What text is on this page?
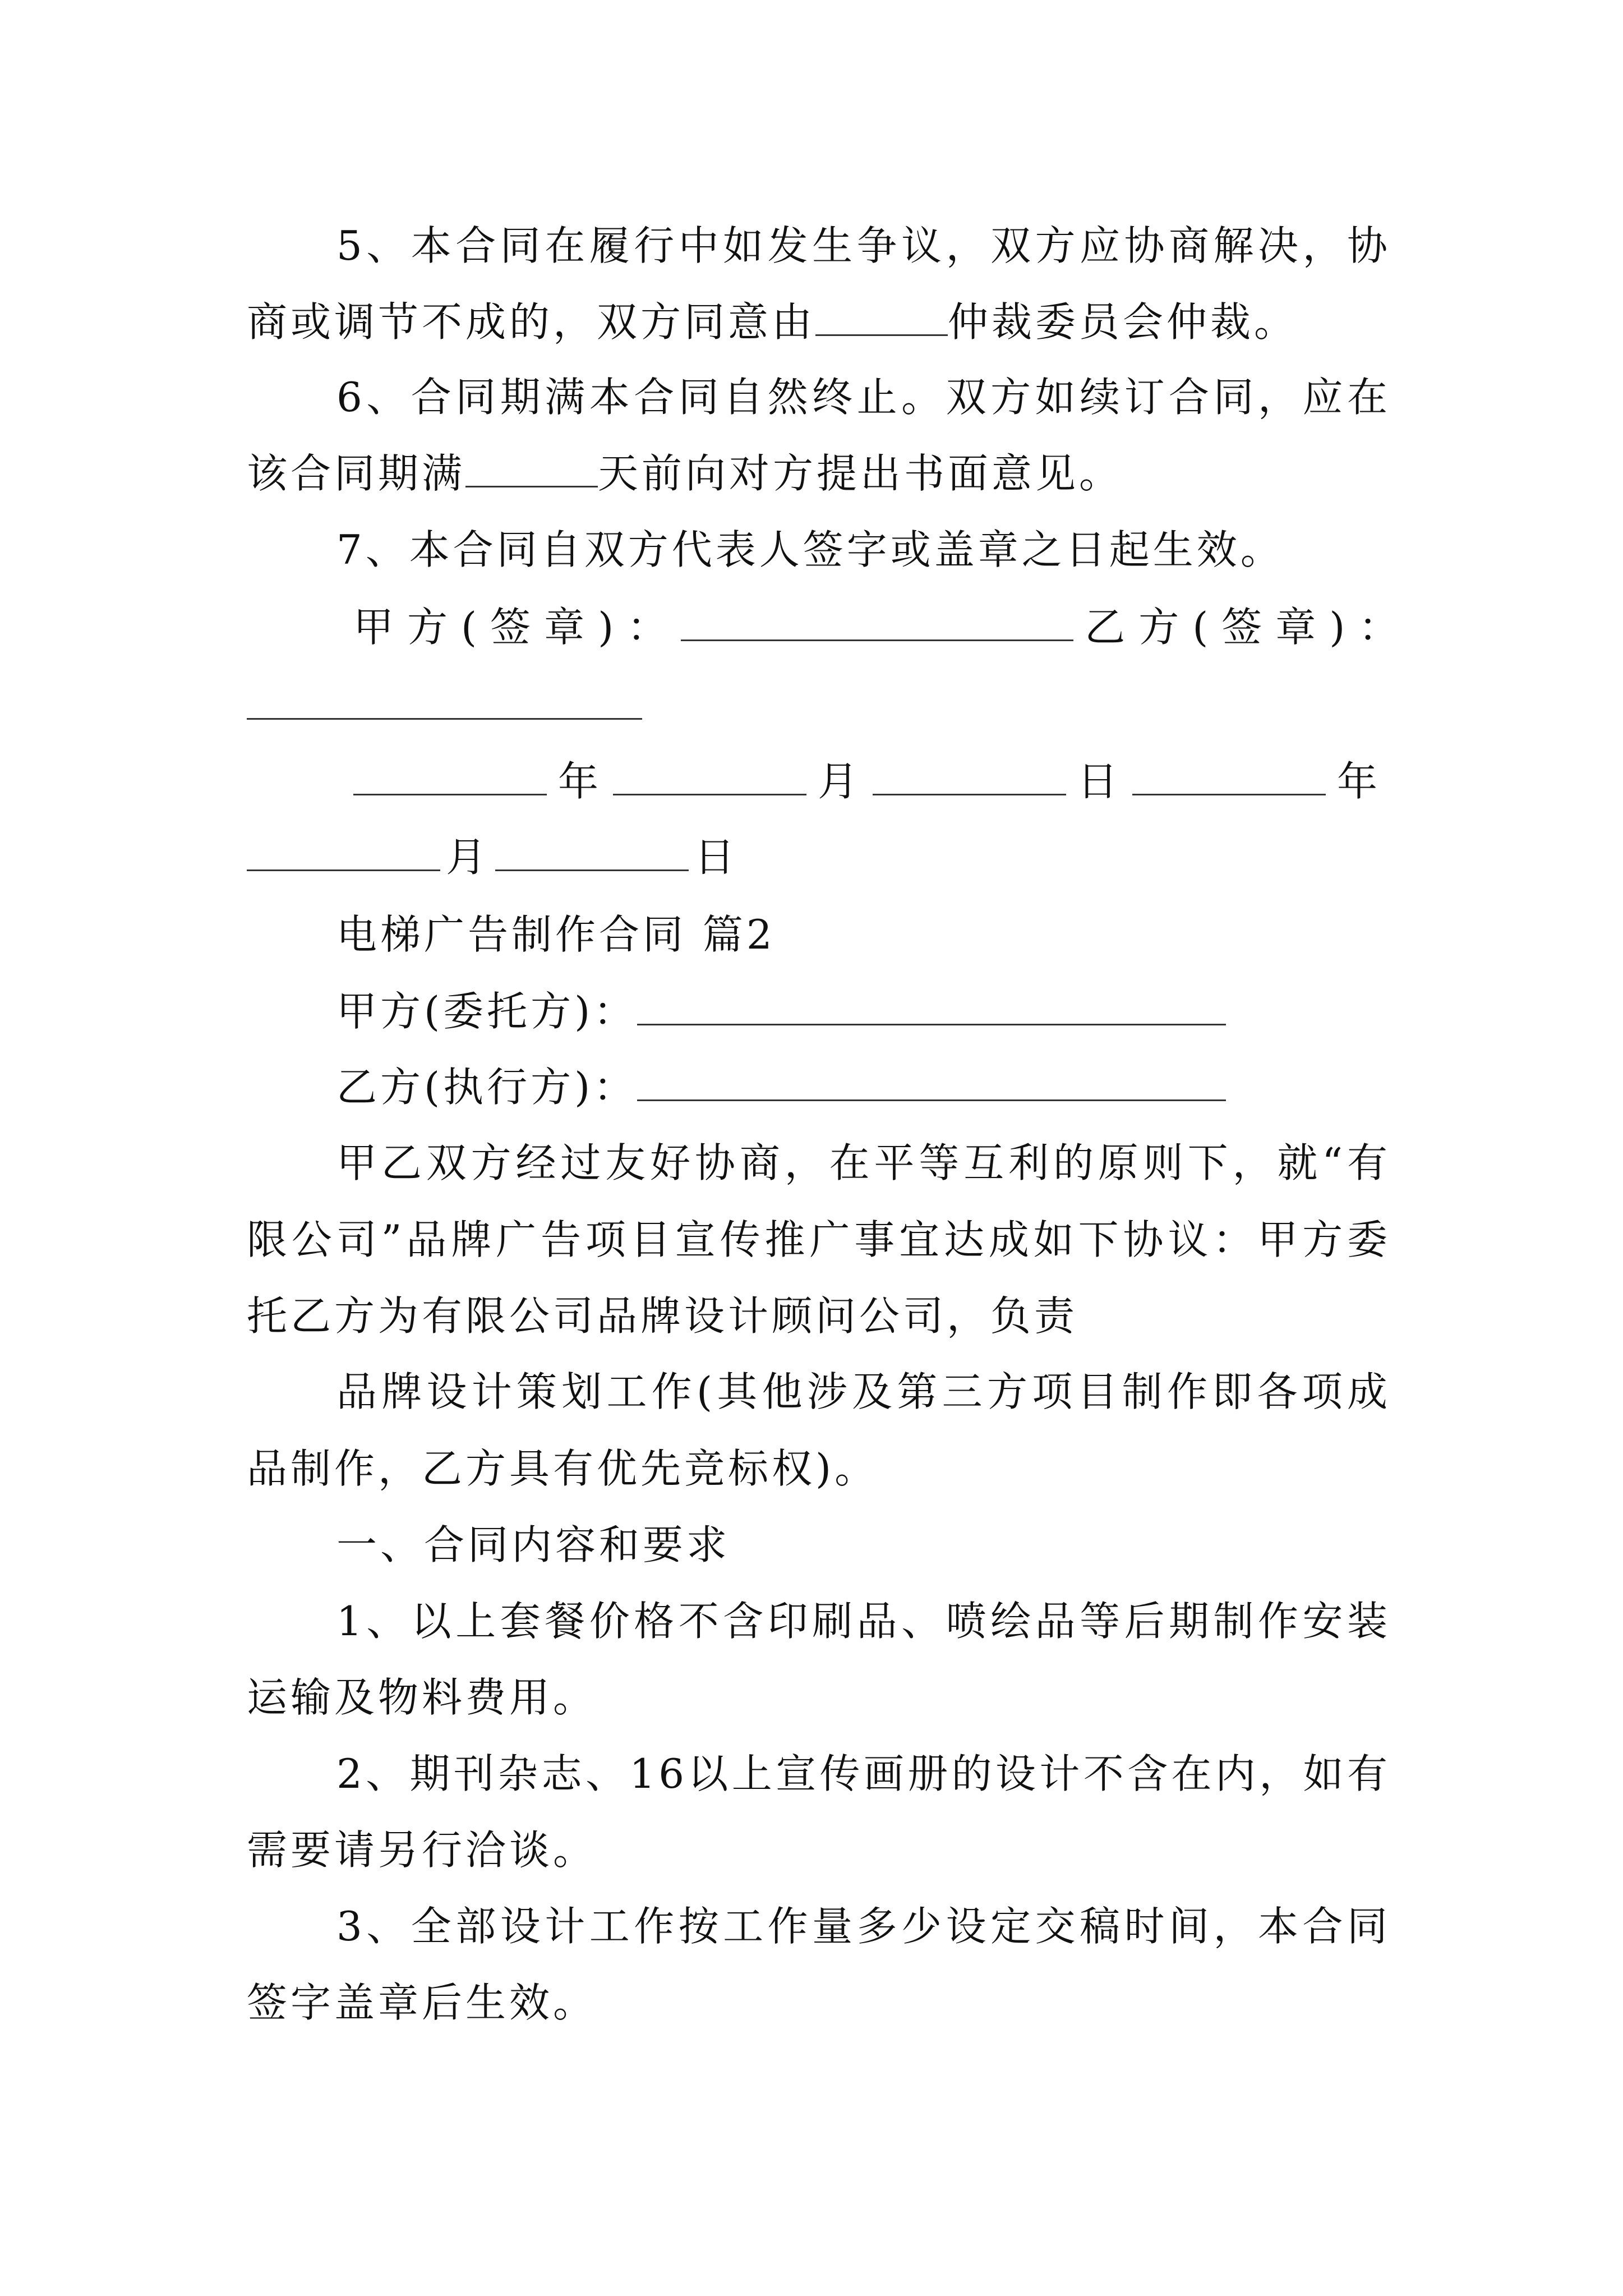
5、本合同在履行中如发生争议，双方应协商解决，协
商或调节不成的，双方同意由	仲裁委员会仲裁。
6、合同期满本合同自然终止。双方如续订合同，应在
该合同期满	天前向对方提出书面意见。
7、本合同自双方代表人签字或盖章之日起生效。
甲方(签章)：	乙方(签章)：
年	月	日	年
月	日
电梯广告制作合同 篇2
甲方(委托方)：
乙方(执行方)：
甲乙双方经过友好协商，在平等互利的原则下，就“有
限公司”品牌广告项目宣传推广事宜达成如下协议：甲方委
托乙方为有限公司品牌设计顾问公司，负责
品牌设计策划工作(其他涉及第三方项目制作即各项成
品制作，乙方具有优先竞标权)。
一、合同内容和要求
1、以上套餐价格不含印刷品、喷绘品等后期制作安装
运输及物料费用。
2、期刊杂志、16以上宣传画册的设计不含在内，如有
需要请另行洽谈。
3、全部设计工作按工作量多少设定交稿时间，本合同
签字盖章后生效。
